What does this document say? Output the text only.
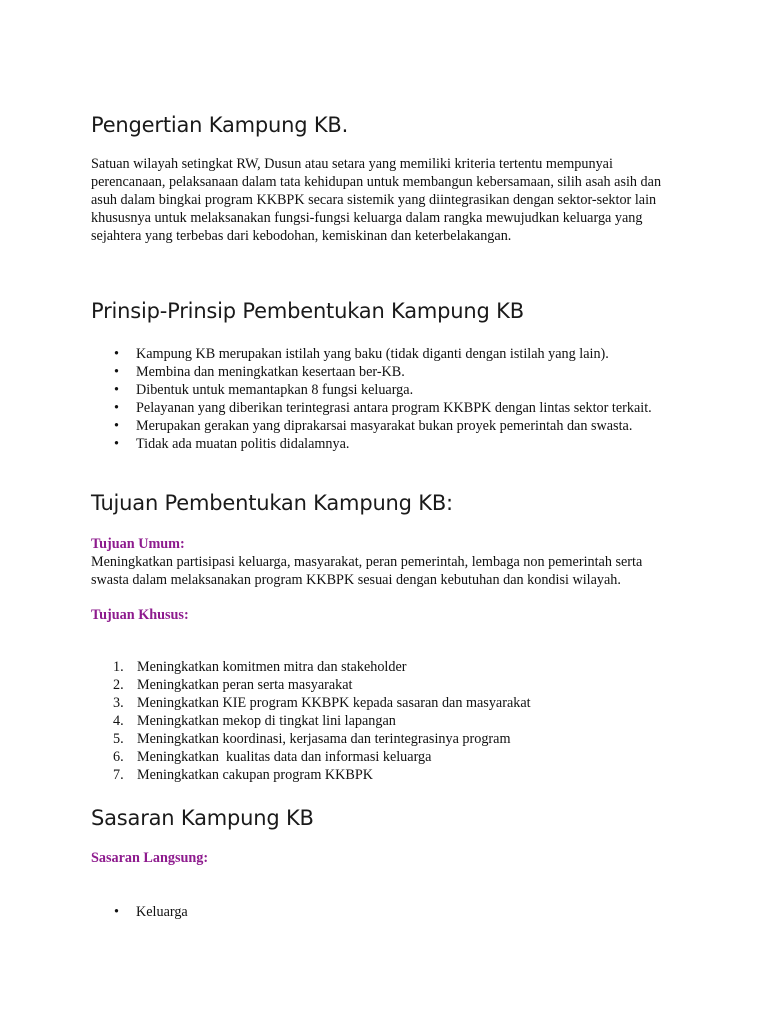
Pengertian Kampung KB.

Satuan wilayah setingkat RW, Dusun atau setara yang memiliki kriteria tertentu mempunyai perencanaan, pelaksanaan dalam tata kehidupan untuk membangun kebersamaan, silih asah asih dan asuh dalam bingkai program KKBPK secara sistemik yang diintegrasikan dengan sektor-sektor lain khususnya untuk melaksanakan fungsi-fungsi keluarga dalam rangka mewujudkan keluarga yang sejahtera yang terbebas dari kebodohan, kemiskinan dan keterbelakangan.

Prinsip-Prinsip Pembentukan Kampung KB
• Kampung KB merupakan istilah yang baku (tidak diganti dengan istilah yang lain).
• Membina dan meningkatkan kesertaan ber-KB.
• Dibentuk untuk memantapkan 8 fungsi keluarga.
• Pelayanan yang diberikan terintegrasi antara program KKBPK dengan lintas sektor terkait.
• Merupakan gerakan yang diprakarsai masyarakat bukan proyek pemerintah dan swasta.
• Tidak ada muatan politis didalamnya.
Tujuan Pembentukan Kampung KB:
Tujuan Umum:

Meningkatkan partisipasi keluarga, masyarakat, peran pemerintah, lembaga non pemerintah serta swasta dalam melaksanakan program KKBPK sesuai dengan kebutuhan dan kondisi wilayah.

Tujuan Khusus:
1. Meningkatkan komitmen mitra dan stakeholder
2. Meningkatkan peran serta masyarakat
3. Meningkatkan KIE program KKBPK kepada sasaran dan masyarakat
4. Meningkatkan mekop di tingkat lini lapangan
5. Meningkatkan koordinasi, kerjasama dan terintegrasinya program
6. Meningkatkan  kualitas data dan informasi keluarga
7. Meningkatkan cakupan program KKBPK
Sasaran Kampung KB
Sasaran Langsung:
• Keluarga
